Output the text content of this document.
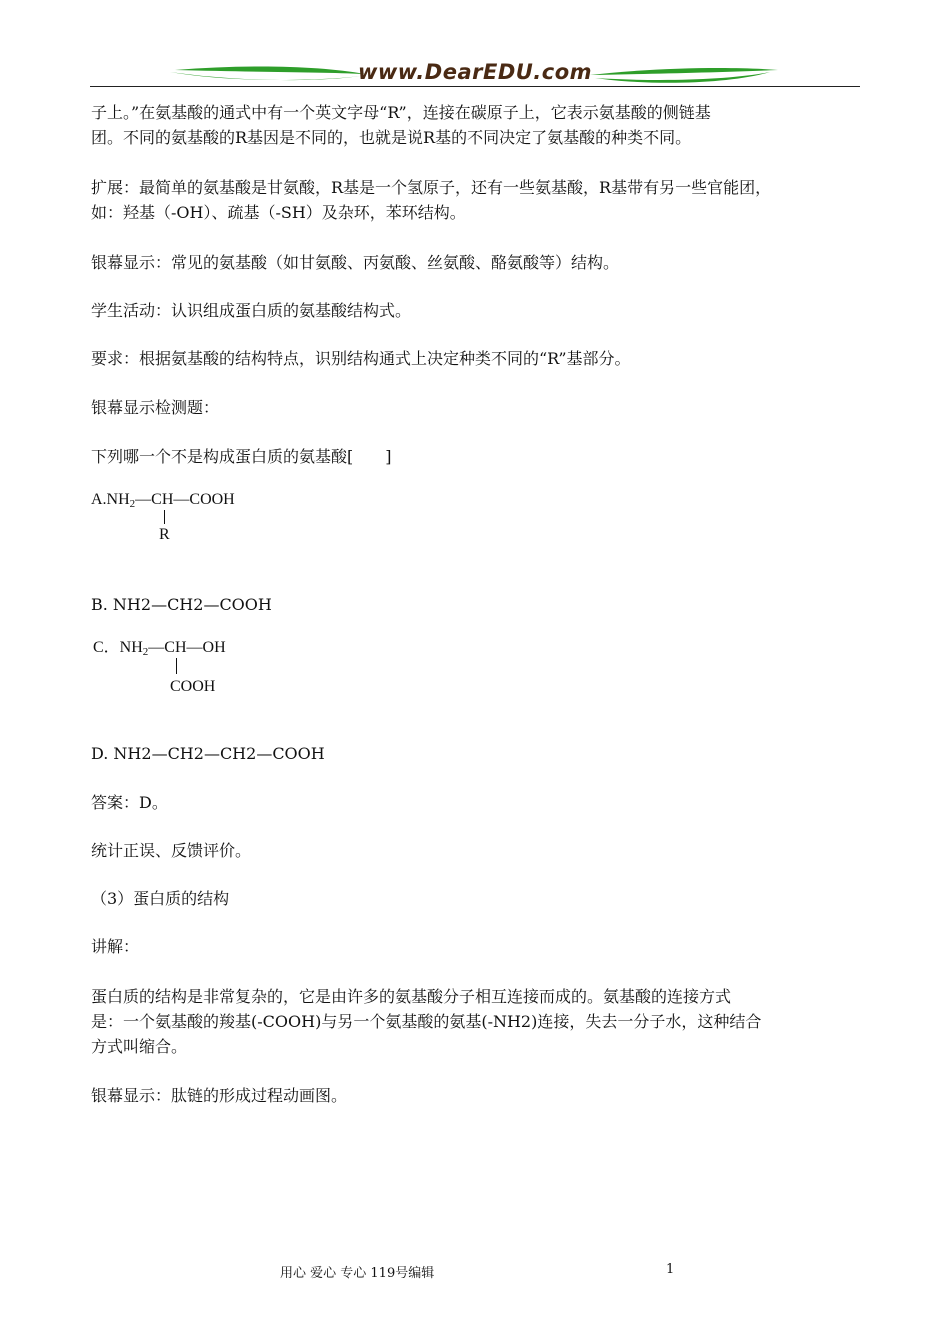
www.DearEDU.com
子上。”在氨基酸的通式中有一个英文字母“R”，连接在碳原子上，它表示氨基酸的侧链基
团。不同的氨基酸的R基因是不同的，也就是说R基的不同决定了氨基酸的种类不同。
扩展：最简单的氨基酸是甘氨酸，R基是一个氢原子，还有一些氨基酸，R基带有另一些官能团，
如：羟基（-OH）、疏基（-SH）及杂环，苯环结构。
银幕显示：常见的氨基酸（如甘氨酸、丙氨酸、丝氨酸、酪氨酸等）结构。
学生活动：认识组成蛋白质的氨基酸结构式。
要求：根据氨基酸的结构特点，识别结构通式上决定种类不同的“R”基部分。
银幕显示检测题：
下列哪一个不是构成蛋白质的氨基酸[　　]
A.NH2—CH—COOH
R
B. NH2—CH2—COOH
C．NH2—CH—OH
COOH
D. NH2—CH2—CH2—COOH
答案：D。
统计正误、反馈评价。
（3）蛋白质的结构
讲解：
蛋白质的结构是非常复杂的，它是由许多的氨基酸分子相互连接而成的。氨基酸的连接方式
是：一个氨基酸的羧基(-COOH)与另一个氨基酸的氨基(-NH2)连接，失去一分子水，这种结合
方式叫缩合。
银幕显示：肽链的形成过程动画图。
用心 爱心 专心 119号编辑	1
